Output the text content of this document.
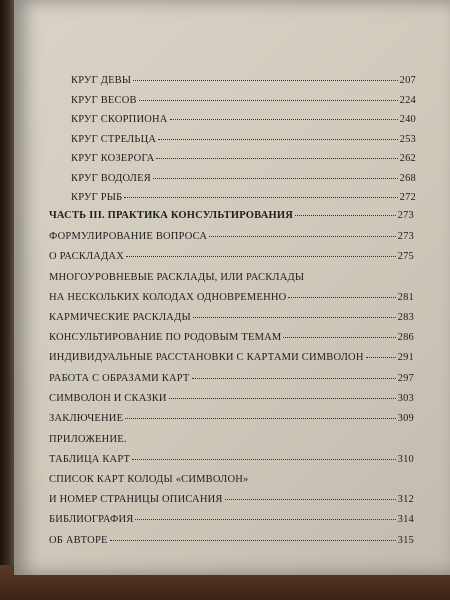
КРУГ ДЕВЫ	207
КРУГ ВЕСОВ	224
КРУГ СКОРПИОНА	240
КРУГ СТРЕЛЬЦА	253
КРУГ КОЗЕРОГА	262
КРУГ ВОДОЛЕЯ	268
КРУГ РЫБ	272
ЧАСТЬ III. ПРАКТИКА КОНСУЛЬТИРОВАНИЯ	273
ФОРМУЛИРОВАНИЕ ВОПРОСА	273
О РАСКЛАДАХ	275
МНОГОУРОВНЕВЫЕ РАСКЛАДЫ, ИЛИ РАСКЛАДЫ
НА НЕСКОЛЬКИХ КОЛОДАХ ОДНОВРЕМЕННО	281
КАРМИЧЕСКИЕ РАСКЛАДЫ	283
КОНСУЛЬТИРОВАНИЕ ПО РОДОВЫМ ТЕМАМ	286
ИНДИВИДУАЛЬНЫЕ РАССТАНОВКИ С КАРТАМИ СИМВОЛОН	291
РАБОТА С ОБРАЗАМИ КАРТ	297
СИМВОЛОН И СКАЗКИ	303
ЗАКЛЮЧЕНИЕ	309
ПРИЛОЖЕНИЕ.
ТАБЛИЦА КАРТ	310
СПИСОК КАРТ КОЛОДЫ «СИМВОЛОН»
И НОМЕР СТРАНИЦЫ ОПИСАНИЯ	312
БИБЛИОГРАФИЯ	314
ОБ АВТОРЕ	315
